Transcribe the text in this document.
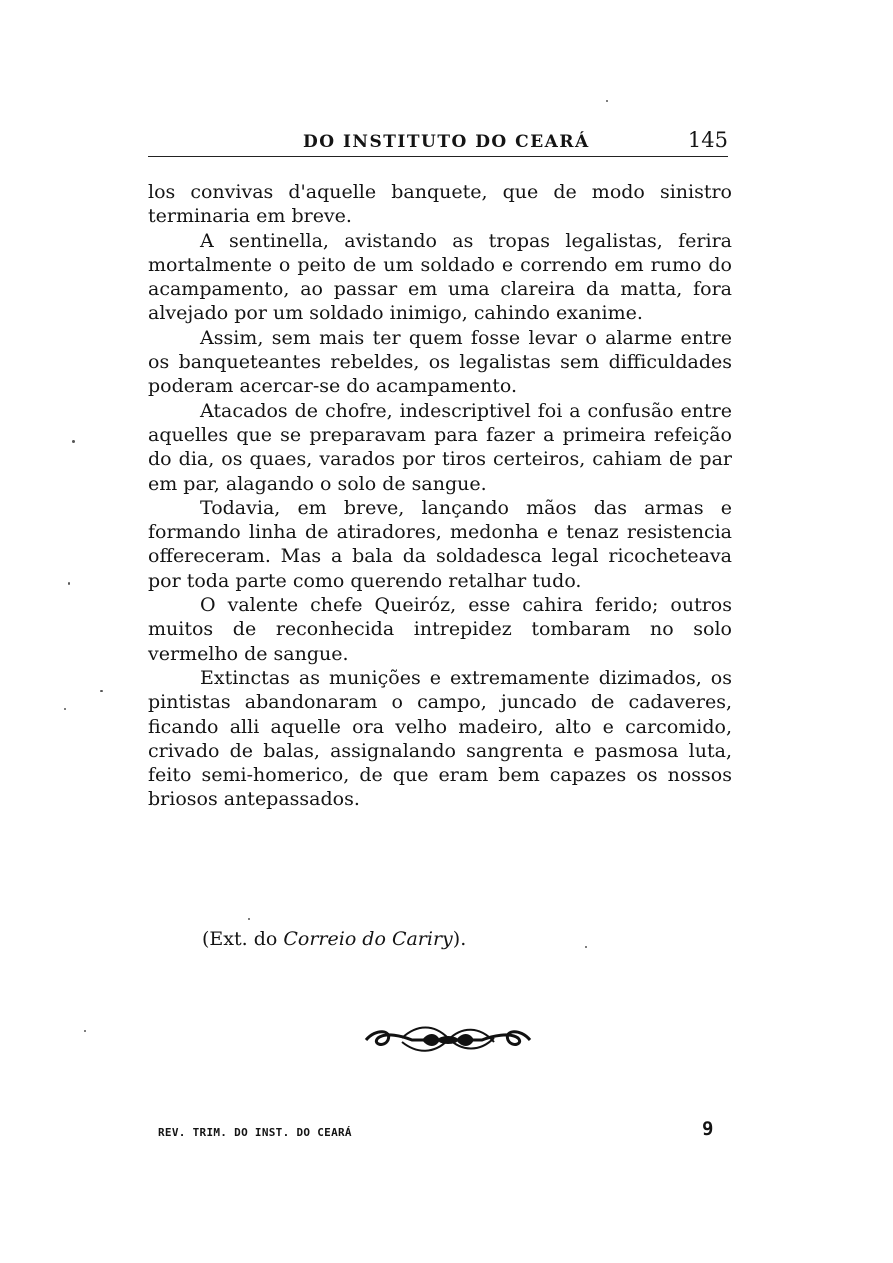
DO INSTITUTO DO CEARÁ	145

los convivas d'aquelle banquete, que de modo sinistro terminaria em breve.

A sentinella, avistando as tropas legalistas, ferira mortalmente o peito de um soldado e correndo em rumo do acampamento, ao passar em uma clareira da matta, fora alvejado por um soldado inimigo, cahindo exanime.

Assim, sem mais ter quem fosse levar o alarme entre os banqueteantes rebeldes, os legalistas sem difficuldades poderam acercar-se do acampamento.

Atacados de chofre, indescriptivel foi a confusão entre aquelles que se preparavam para fazer a primeira refeição do dia, os quaes, varados por tiros certeiros, cahiam de par em par, alagando o solo de sangue.

Todavia, em breve, lançando mãos das armas e formando linha de atiradores, medonha e tenaz resistencia offereceram. Mas a bala da soldadesca legal ricocheteava por toda parte como querendo retalhar tudo.

O valente chefe Queiróz, esse cahira ferido; outros muitos de reconhecida intrepidez tombaram no solo vermelho de sangue.

Extinctas as munições e extremamente dizimados, os pintistas abandonaram o campo, juncado de cadaveres, ficando alli aquelle ora velho madeiro, alto e carcomido, crivado de balas, assignalando sangrenta e pasmosa luta, feito semi-homerico, de que eram bem capazes os nossos briosos antepassados.

(Ext. do Correio do Cariry).
REV. TRIM. DO INST. DO CEARÁ	9
